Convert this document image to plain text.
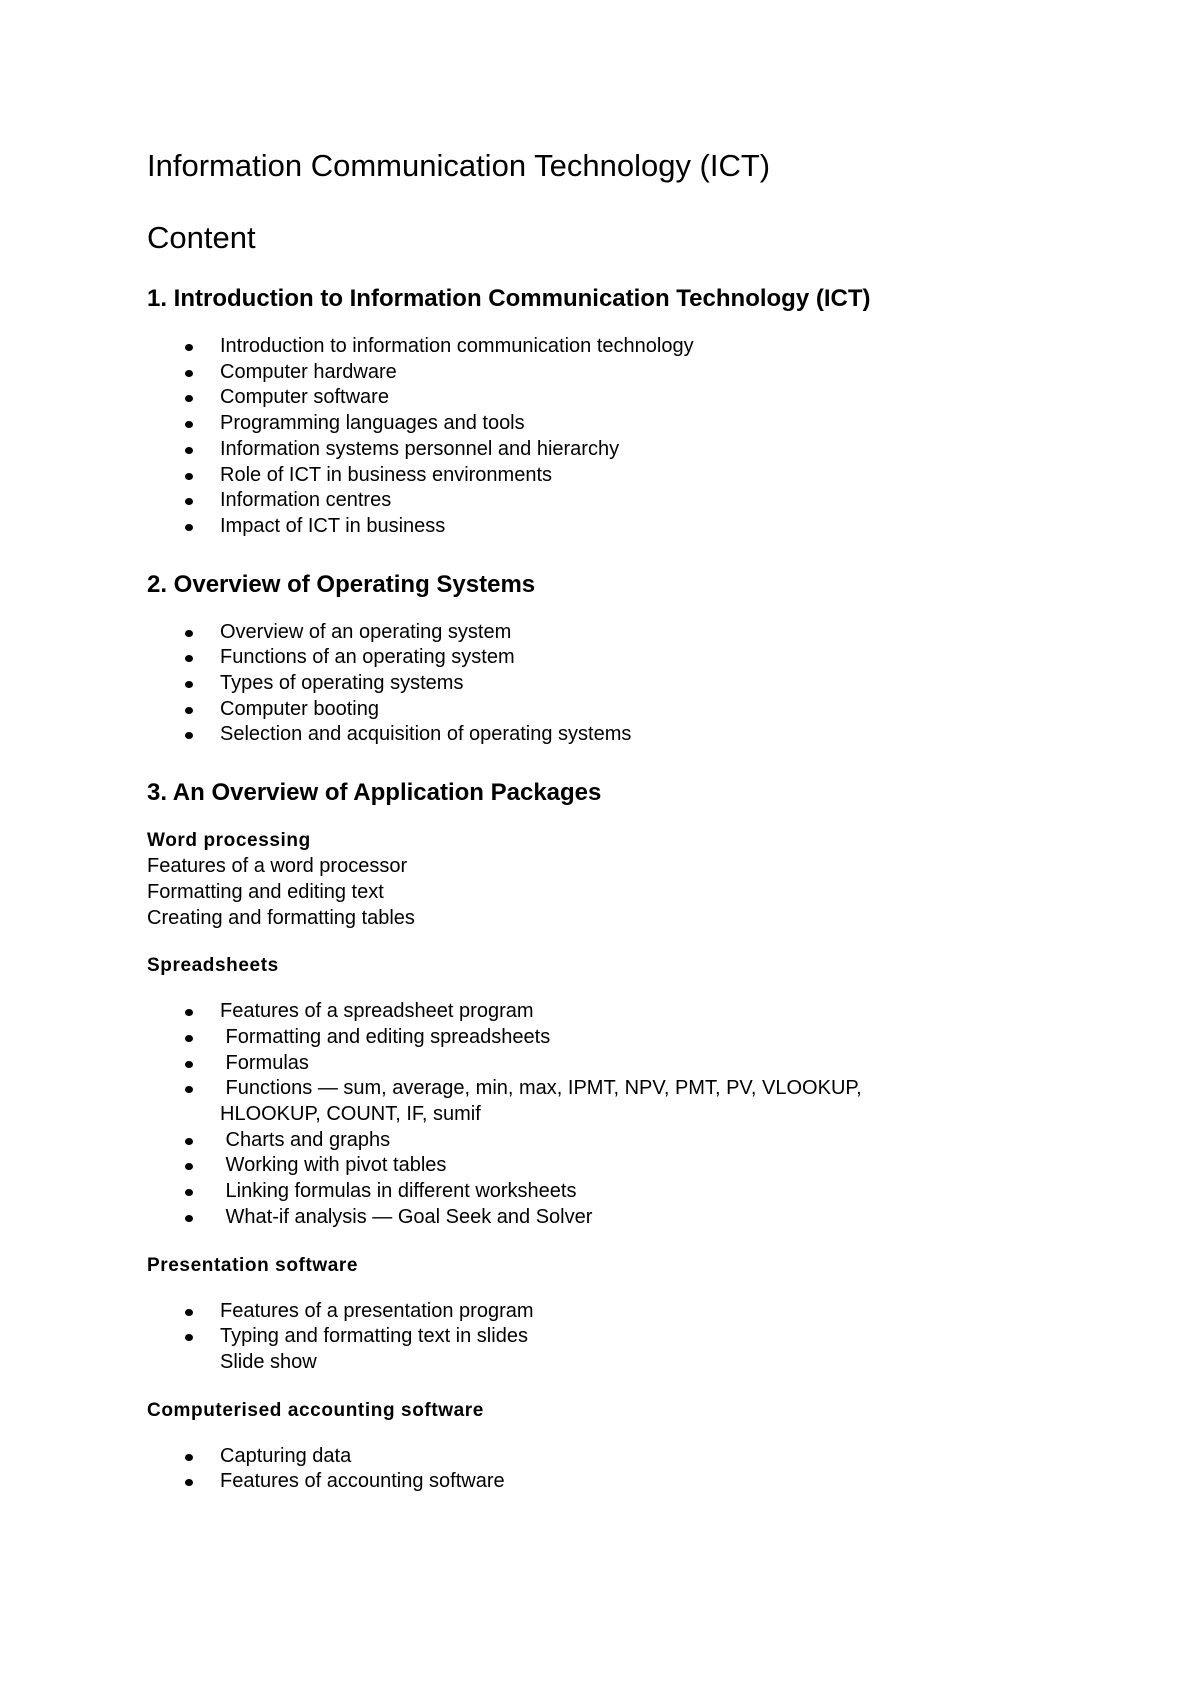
Information Communication Technology (ICT)
Content
1. Introduction to Information Communication Technology (ICT)
Introduction to information communication technology
Computer hardware
Computer software
Programming languages and tools
Information systems personnel and hierarchy
Role of ICT in business environments
Information centres
Impact of ICT in business
2. Overview of Operating Systems
Overview of an operating system
Functions of an operating system
Types of operating systems
Computer booting
Selection and acquisition of operating systems
3. An Overview of Application Packages
Word processing
Features of a word processor
Formatting and editing text
Creating and formatting tables
Spreadsheets
Features of a spreadsheet program
Formatting and editing spreadsheets
Formulas
Functions — sum, average, min, max, IPMT, NPV, PMT, PV, VLOOKUP,
HLOOKUP, COUNT, IF, sumif
Charts and graphs
Working with pivot tables
Linking formulas in different worksheets
What-if analysis — Goal Seek and Solver
Presentation software
Features of a presentation program
Typing and formatting text in slides
Slide show
Computerised accounting software
Capturing data
Features of accounting software
